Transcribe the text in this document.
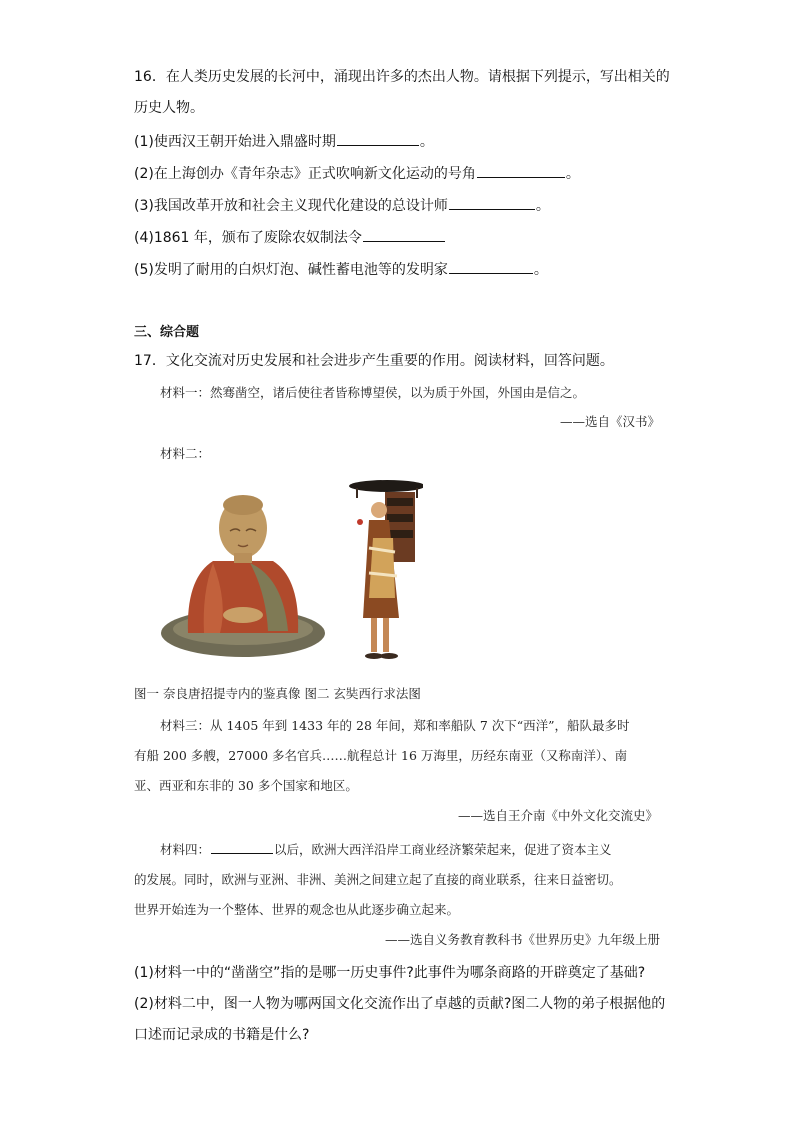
16．在人类历史发展的长河中，涌现出许多的杰出人物。请根据下列提示，写出相关的
历史人物。
(1)使西汉王朝开始进入鼎盛时期	。
(2)在上海创办《青年杂志》正式吹响新文化运动的号角	。
(3)我国改革开放和社会主义现代化建设的总设计师	。
(4)1861 年，颁布了废除农奴制法令
(5)发明了耐用的白炽灯泡、碱性蓄电池等的发明家	。
三、综合题
17．文化交流对历史发展和社会进步产生重要的作用。阅读材料，回答问题。
材料一：然骞凿空，诸后使往者皆称博望侯，以为质于外国，外国由是信之。
——选自《汉书》
材料二：
图一 奈良唐招提寺内的鉴真像 图二 玄奘西行求法图
材料三：从 1405 年到 1433 年的 28 年间，郑和率船队 7 次下“西洋”，船队最多时
有船 200 多艘，27000 多名官兵……航程总计 16 万海里，历经东南亚（又称南洋）、南
亚、西亚和东非的 30 多个国家和地区。
——选自王介南《中外文化交流史》
材料四：	以后，欧洲大西洋沿岸工商业经济繁荣起来，促进了资本主义
的发展。同时，欧洲与亚洲、非洲、美洲之间建立起了直接的商业联系，往来日益密切。
世界开始连为一个整体、世界的观念也从此逐步确立起来。
——选自义务教育教科书《世界历史》九年级上册
(1)材料一中的“凿凿空”指的是哪一历史事件?此事件为哪条商路的开辟奠定了基础?
(2)材料二中，图一人物为哪两国文化交流作出了卓越的贡献?图二人物的弟子根据他的
口述而记录成的书籍是什么?
